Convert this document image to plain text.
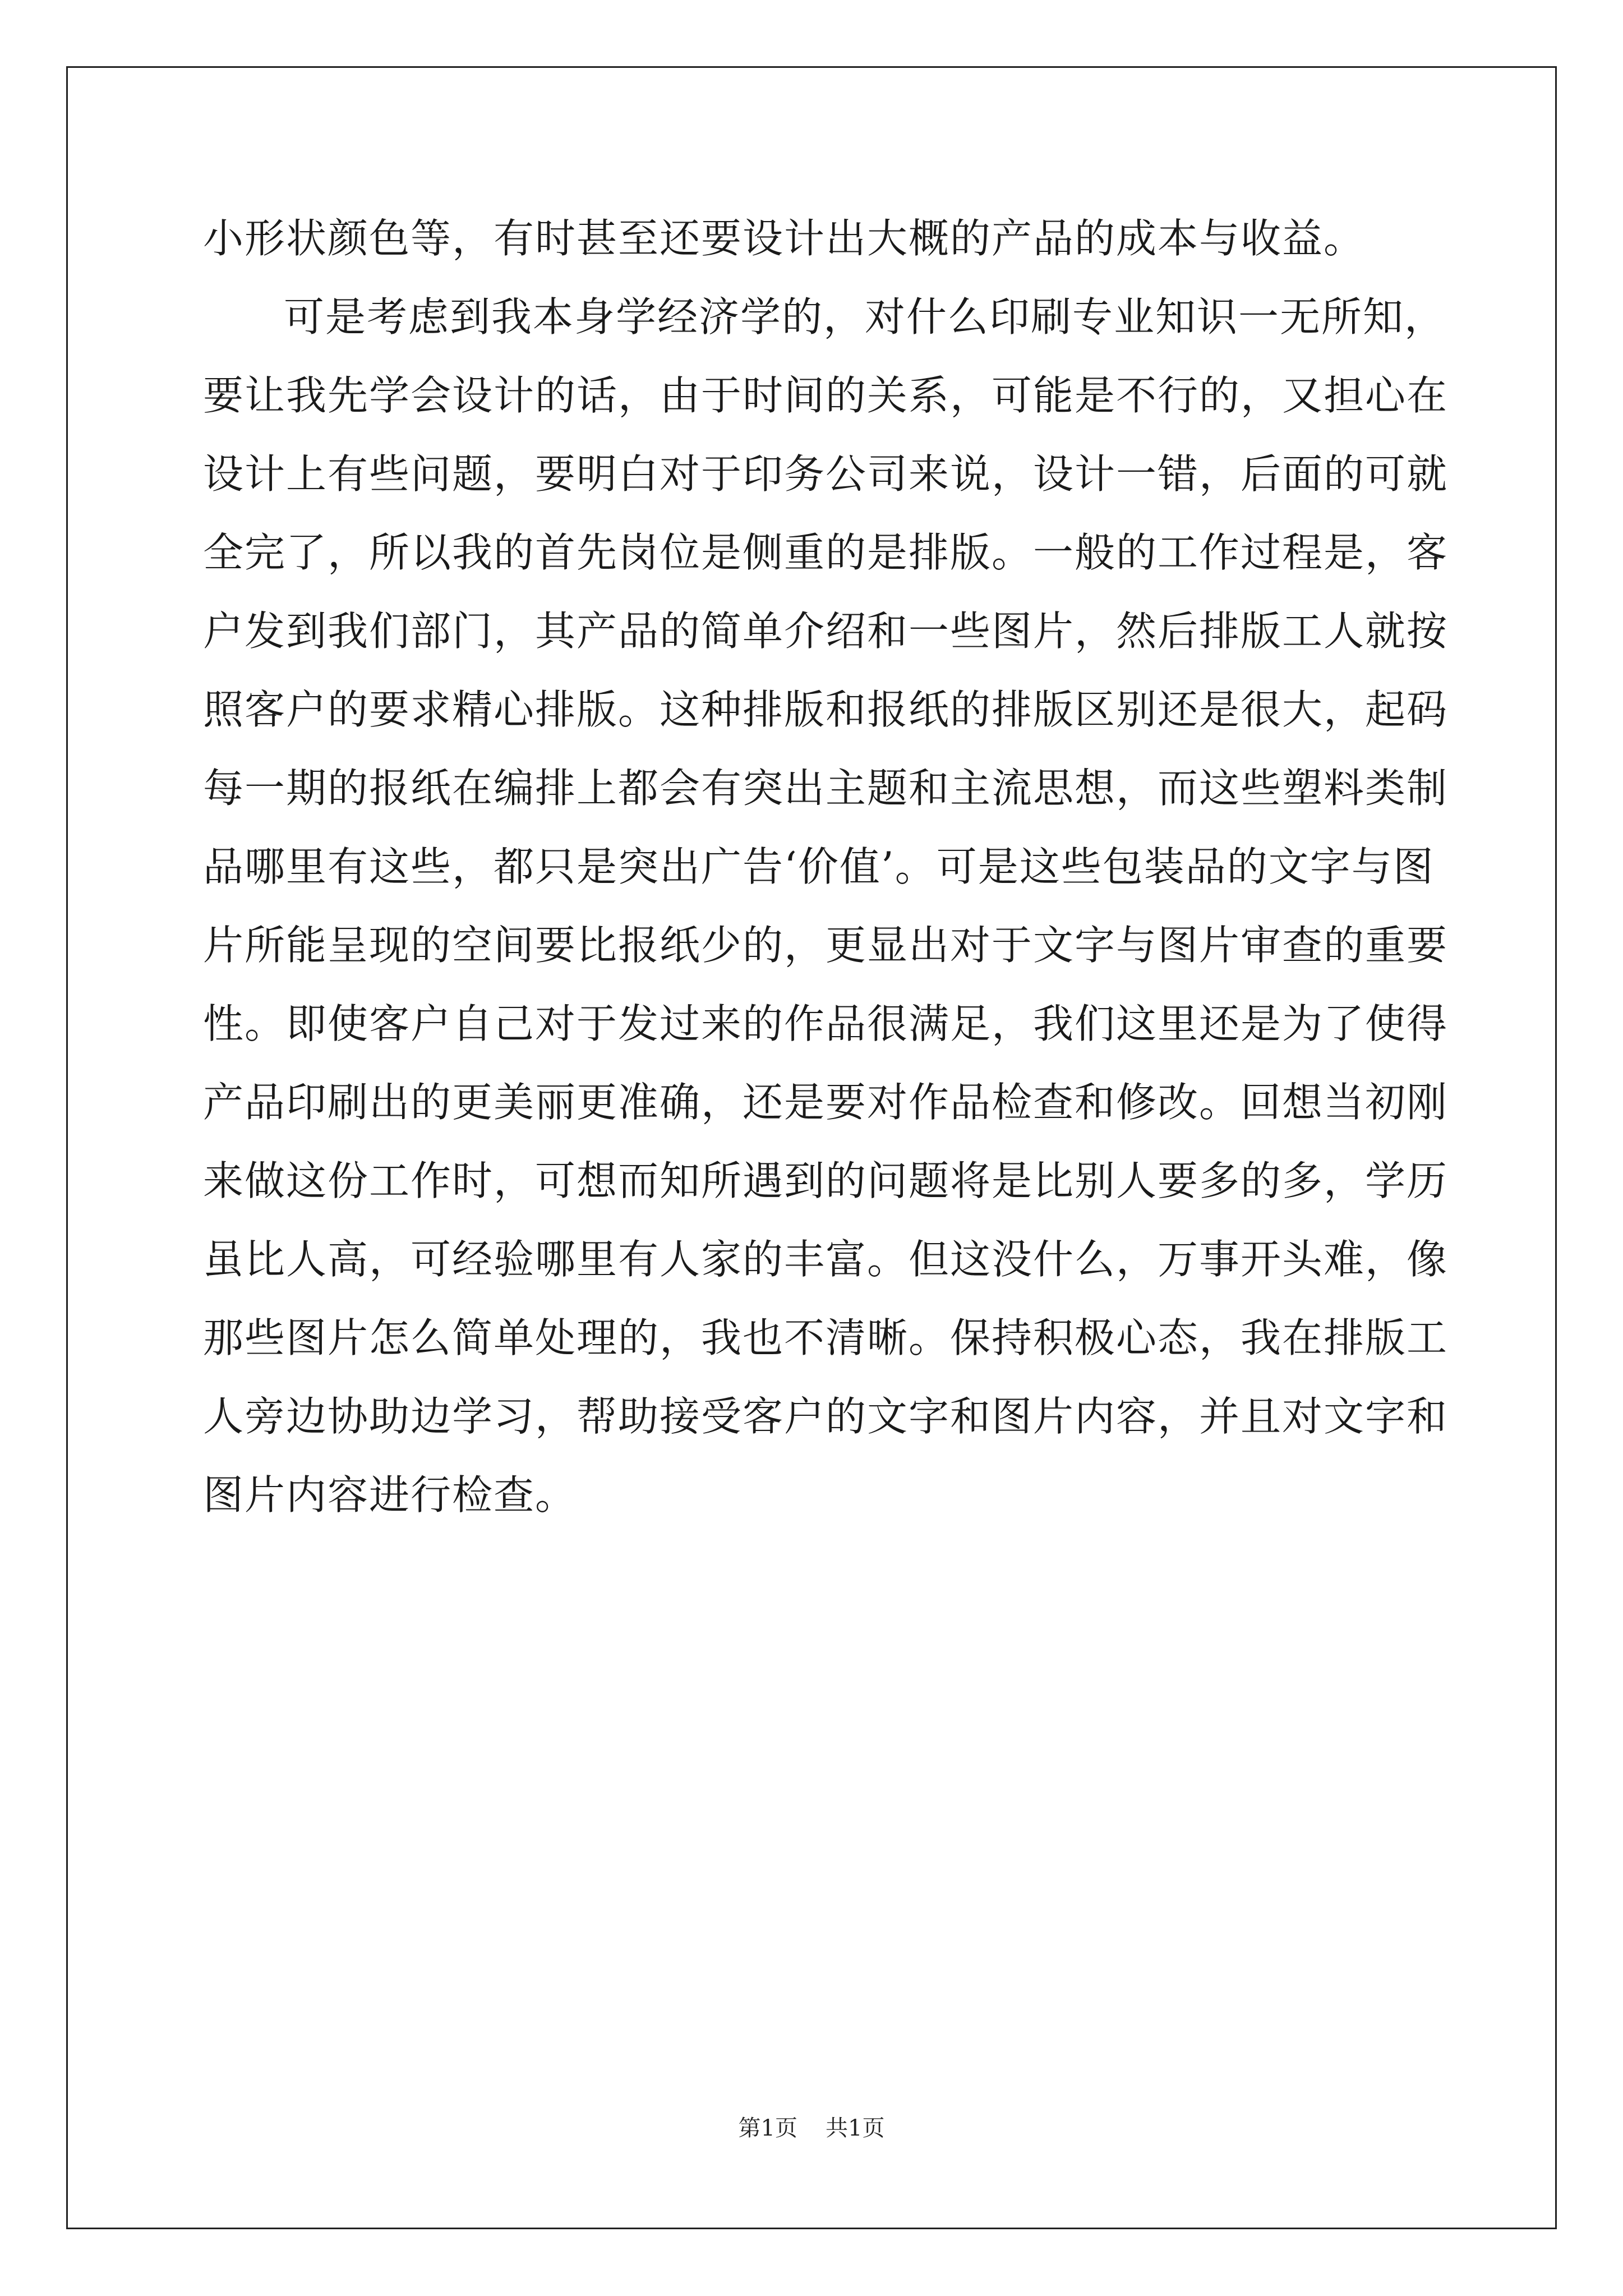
小形状颜色等，有时甚至还要设计出大概的产品的成本与收益。
可是考虑到我本身学经济学的，对什么印刷专业知识一无所知，
要让我先学会设计的话，由于时间的关系，可能是不行的，又担心在
设计上有些问题，要明白对于印务公司来说，设计一错，后面的可就
全完了，所以我的首先岗位是侧重的是排版。一般的工作过程是，客
户发到我们部门，其产品的简单介绍和一些图片，然后排版工人就按
照客户的要求精心排版。这种排版和报纸的排版区别还是很大，起码
每一期的报纸在编排上都会有突出主题和主流思想，而这些塑料类制
品哪里有这些，都只是突出广告‘价值’。可是这些包装品的文字与图
片所能呈现的空间要比报纸少的，更显出对于文字与图片审查的重要
性。即使客户自己对于发过来的作品很满足，我们这里还是为了使得
产品印刷出的更美丽更准确，还是要对作品检查和修改。回想当初刚
来做这份工作时，可想而知所遇到的问题将是比别人要多的多，学历
虽比人高，可经验哪里有人家的丰富。但这没什么，万事开头难，像
那些图片怎么简单处理的，我也不清晰。保持积极心态，我在排版工
人旁边协助边学习，帮助接受客户的文字和图片内容，并且对文字和
图片内容进行检查。
第1页 共1页
